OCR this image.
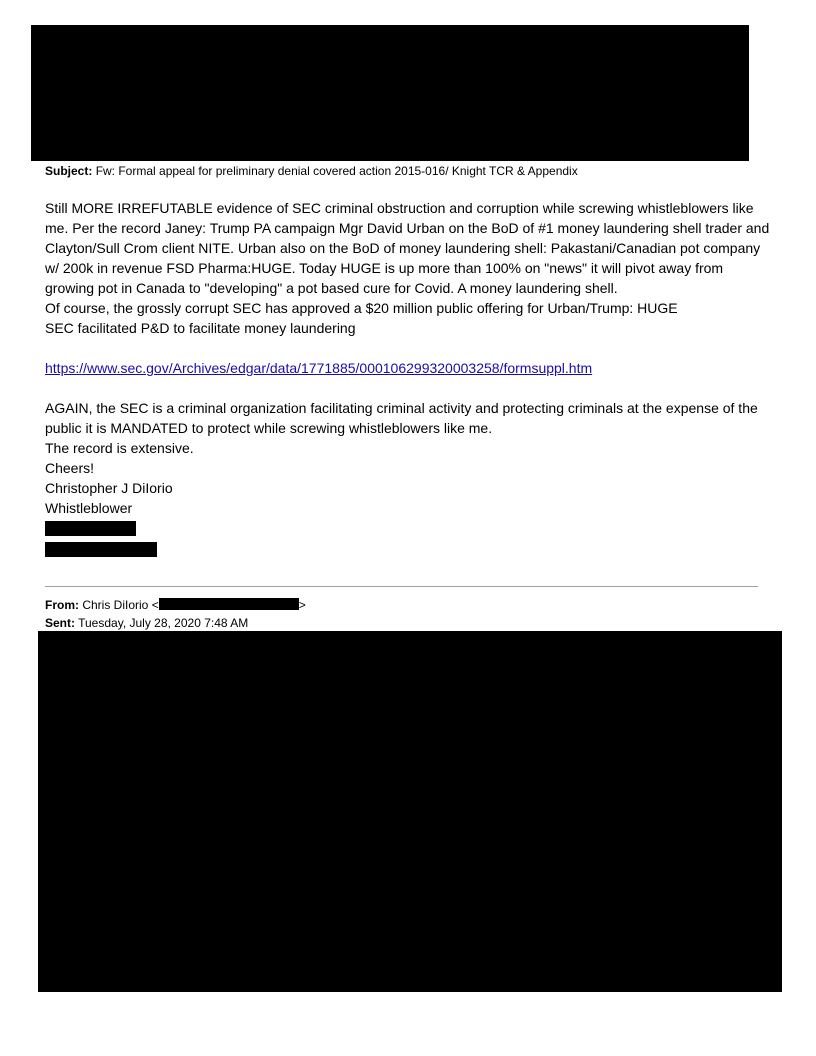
Subject: Fw: Formal appeal for preliminary denial covered action 2015-016/ Knight TCR & Appendix

Still MORE IRREFUTABLE evidence of SEC criminal obstruction and corruption while screwing whistleblowers like me. Per the record Janey: Trump PA campaign Mgr David Urban on the BoD of #1 money laundering shell trader and Clayton/Sull Crom client NITE. Urban also on the BoD of money laundering shell: Pakastani/Canadian pot company w/ 200k in revenue FSD Pharma:HUGE. Today HUGE is up more than 100% on "news" it will pivot away from growing pot in Canada to "developing" a pot based cure for Covid. A money laundering shell.

Of course, the grossly corrupt SEC has approved a $20 million public offering for Urban/Trump: HUGE

SEC facilitated P&D to facilitate money laundering

https://www.sec.gov/Archives/edgar/data/1771885/000106299320003258/formsuppl.htm

AGAIN, the SEC is a criminal organization facilitating criminal activity and protecting criminals at the expense of the public it is MANDATED to protect while screwing whistleblowers like me.

The record is extensive.

Cheers!

Christopher J DiIorio

Whistleblower

From: Chris DiIorio <	>
Sent: Tuesday, July 28, 2020 7:48 AM
